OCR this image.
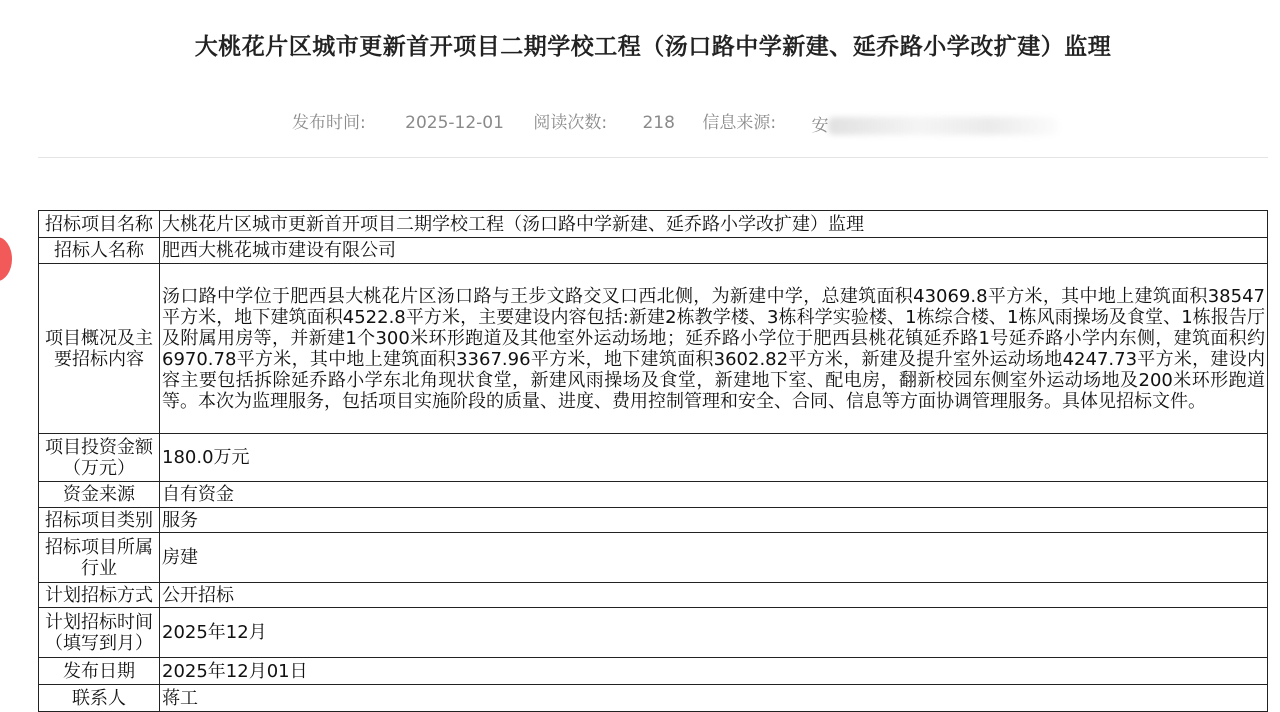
大桃花片区城市更新首开项目二期学校工程（汤口路中学新建、延乔路小学改扩建）监理
发布时间: 2025-12-01 阅读次数: 218 信息来源: 安
招标项目名称	大桃花片区城市更新首开项目二期学校工程（汤口路中学新建、延乔路小学改扩建）监理
招标人名称	肥西大桃花城市建设有限公司
项目概况及主要招标内容	汤口路中学位于肥西县大桃花片区汤口路与王步文路交叉口西北侧，为新建中学，总建筑面积43069.8平方米，其中地上建筑面积38547平方米，地下建筑面积4522.8平方米，主要建设内容包括:新建2栋教学楼、3栋科学实验楼、1栋综合楼、1栋风雨操场及食堂、1栋报告厅及附属用房等，并新建1个300米环形跑道及其他室外运动场地；延乔路小学位于肥西县桃花镇延乔路1号延乔路小学内东侧，建筑面积约6970.78平方米，其中地上建筑面积3367.96平方米，地下建筑面积3602.82平方米，新建及提升室外运动场地4247.73平方米，建设内容主要包括拆除延乔路小学东北角现状食堂，新建风雨操场及食堂，新建地下室、配电房，翻新校园东侧室外运动场地及200米环形跑道等。本次为监理服务，包括项目实施阶段的质量、进度、费用控制管理和安全、合同、信息等方面协调管理服务。具体见招标文件。
项目投资金额（万元）	180.0万元
资金来源	自有资金
招标项目类别	服务
招标项目所属行业	房建
计划招标方式	公开招标
计划招标时间（填写到月）	2025年12月
发布日期	2025年12月01日
联系人	蒋工
